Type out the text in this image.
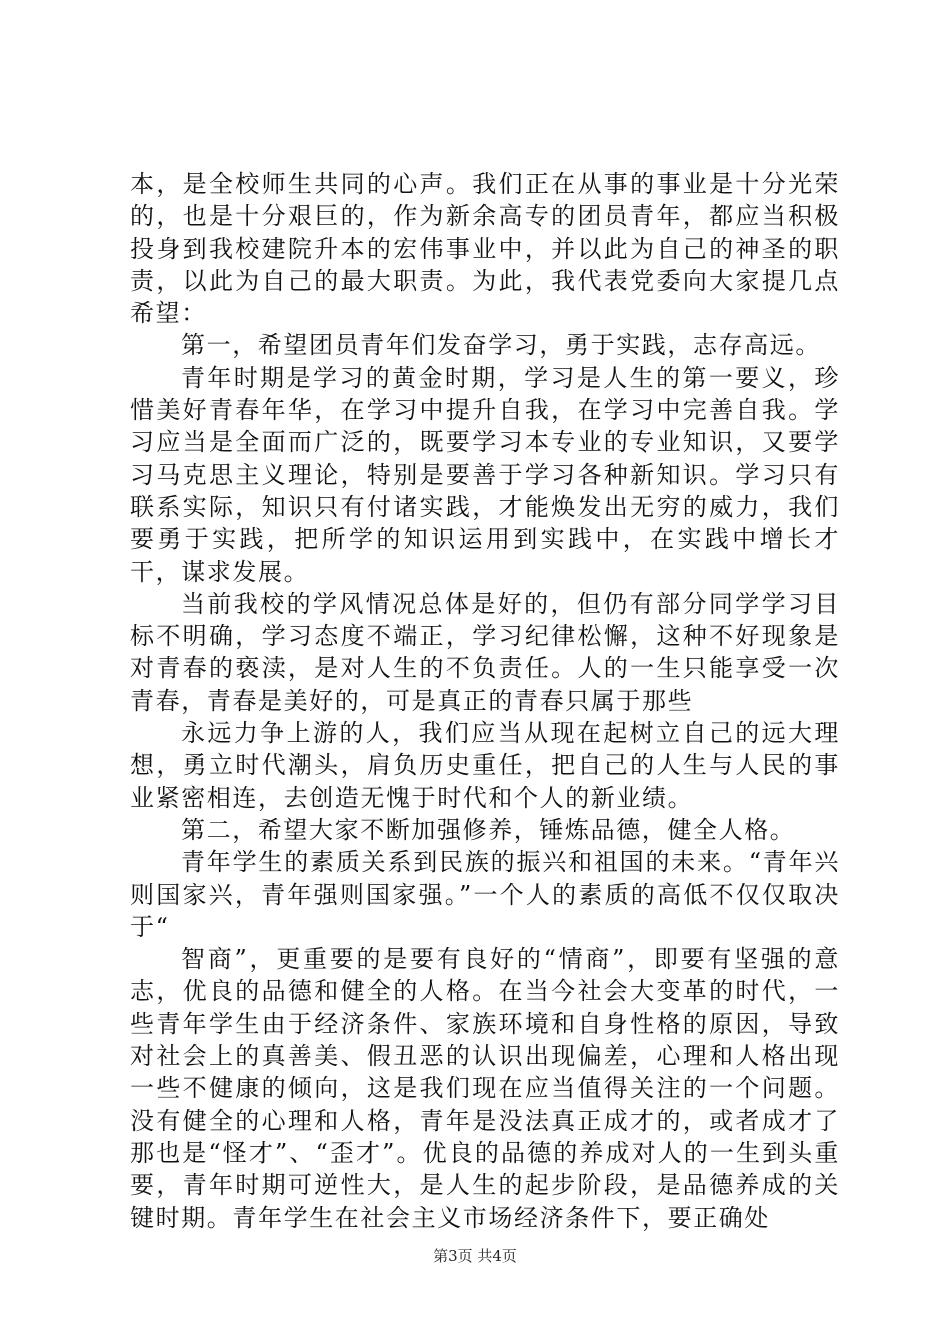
本，是全校师生共同的心声。我们正在从事的事业是十分光荣的，也是十分艰巨的，作为新余高专的团员青年，都应当积极投身到我校建院升本的宏伟事业中，并以此为自己的神圣的职责，以此为自己的最大职责。为此，我代表党委向大家提几点希望：

第一，希望团员青年们发奋学习，勇于实践，志存高远。

青年时期是学习的黄金时期，学习是人生的第一要义，珍惜美好青春年华，在学习中提升自我，在学习中完善自我。学习应当是全面而广泛的，既要学习本专业的专业知识，又要学习马克思主义理论，特别是要善于学习各种新知识。学习只有联系实际，知识只有付诸实践，才能焕发出无穷的威力，我们要勇于实践，把所学的知识运用到实践中，在实践中增长才干，谋求发展。

当前我校的学风情况总体是好的，但仍有部分同学学习目标不明确，学习态度不端正，学习纪律松懈，这种不好现象是对青春的亵渎，是对人生的不负责任。人的一生只能享受一次青春，青春是美好的，可是真正的青春只属于那些

永远力争上游的人，我们应当从现在起树立自己的远大理想，勇立时代潮头，肩负历史重任，把自己的人生与人民的事业紧密相连，去创造无愧于时代和个人的新业绩。

第二，希望大家不断加强修养，锤炼品德，健全人格。

青年学生的素质关系到民族的振兴和祖国的未来。“青年兴则国家兴，青年强则国家强。”一个人的素质的高低不仅仅取决于“

智商”，更重要的是要有良好的“情商”，即要有坚强的意志，优良的品德和健全的人格。在当今社会大变革的时代，一些青年学生由于经济条件、家族环境和自身性格的原因，导致对社会上的真善美、假丑恶的认识出现偏差，心理和人格出现一些不健康的倾向，这是我们现在应当值得关注的一个问题。没有健全的心理和人格，青年是没法真正成才的，或者成才了那也是“怪才”、“歪才”。优良的品德的养成对人的一生到头重要，青年时期可逆性大，是人生的起步阶段，是品德养成的关键时期。青年学生在社会主义市场经济条件下，要正确处

第3页 共4页
